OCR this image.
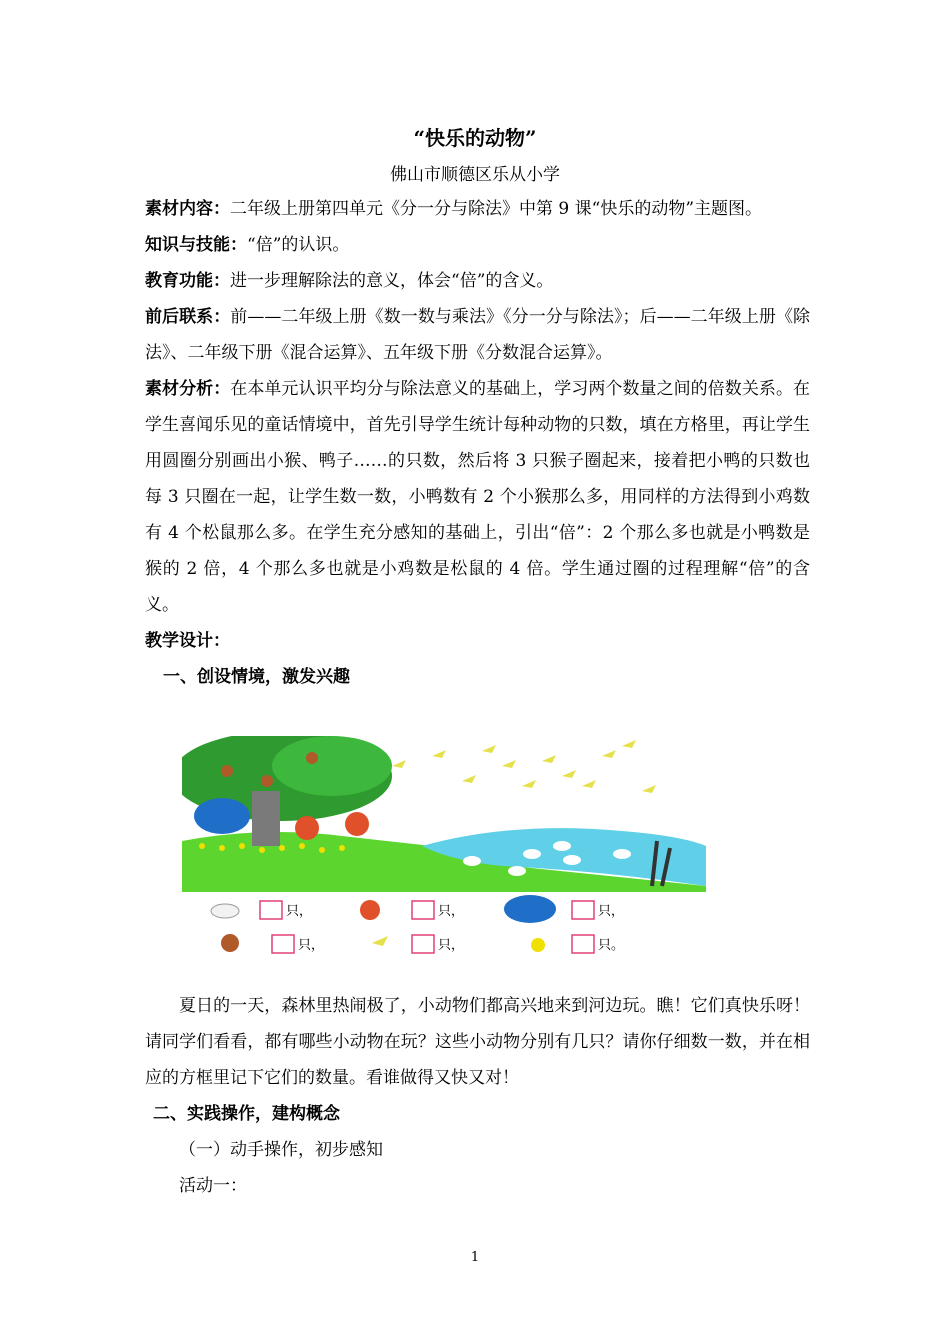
“快乐的动物”
佛山市顺德区乐从小学

素材内容：二年级上册第四单元《分一分与除法》中第 9 课“快乐的动物”主题图。

知识与技能：“倍”的认识。

教育功能：进一步理解除法的意义，体会“倍”的含义。

前后联系：前——二年级上册《数一数与乘法》《分一分与除法》；后——二年级上册《除法》、二年级下册《混合运算》、五年级下册《分数混合运算》。

素材分析：在本单元认识平均分与除法意义的基础上，学习两个数量之间的倍数关系。在学生喜闻乐见的童话情境中，首先引导学生统计每种动物的只数，填在方格里，再让学生用圆圈分别画出小猴、鸭子……的只数，然后将 3 只猴子圈起来，接着把小鸭的只数也每 3 只圈在一起，让学生数一数，小鸭数有 2 个小猴那么多，用同样的方法得到小鸡数有 4 个松鼠那么多。在学生充分感知的基础上，引出“倍”：2 个那么多也就是小鸭数是猴的 2 倍，4 个那么多也就是小鸡数是松鼠的 4 倍。学生通过圈的过程理解“倍”的含义。

教学设计：

一、创设情境，激发兴趣

只，	只，	只，
只，	只，	只。

夏日的一天，森林里热闹极了，小动物们都高兴地来到河边玩。瞧！它们真快乐呀！请同学们看看，都有哪些小动物在玩？这些小动物分别有几只？请你仔细数一数，并在相应的方框里记下它们的数量。看谁做得又快又对！

二、实践操作，建构概念

（一）动手操作，初步感知

活动一：

1
